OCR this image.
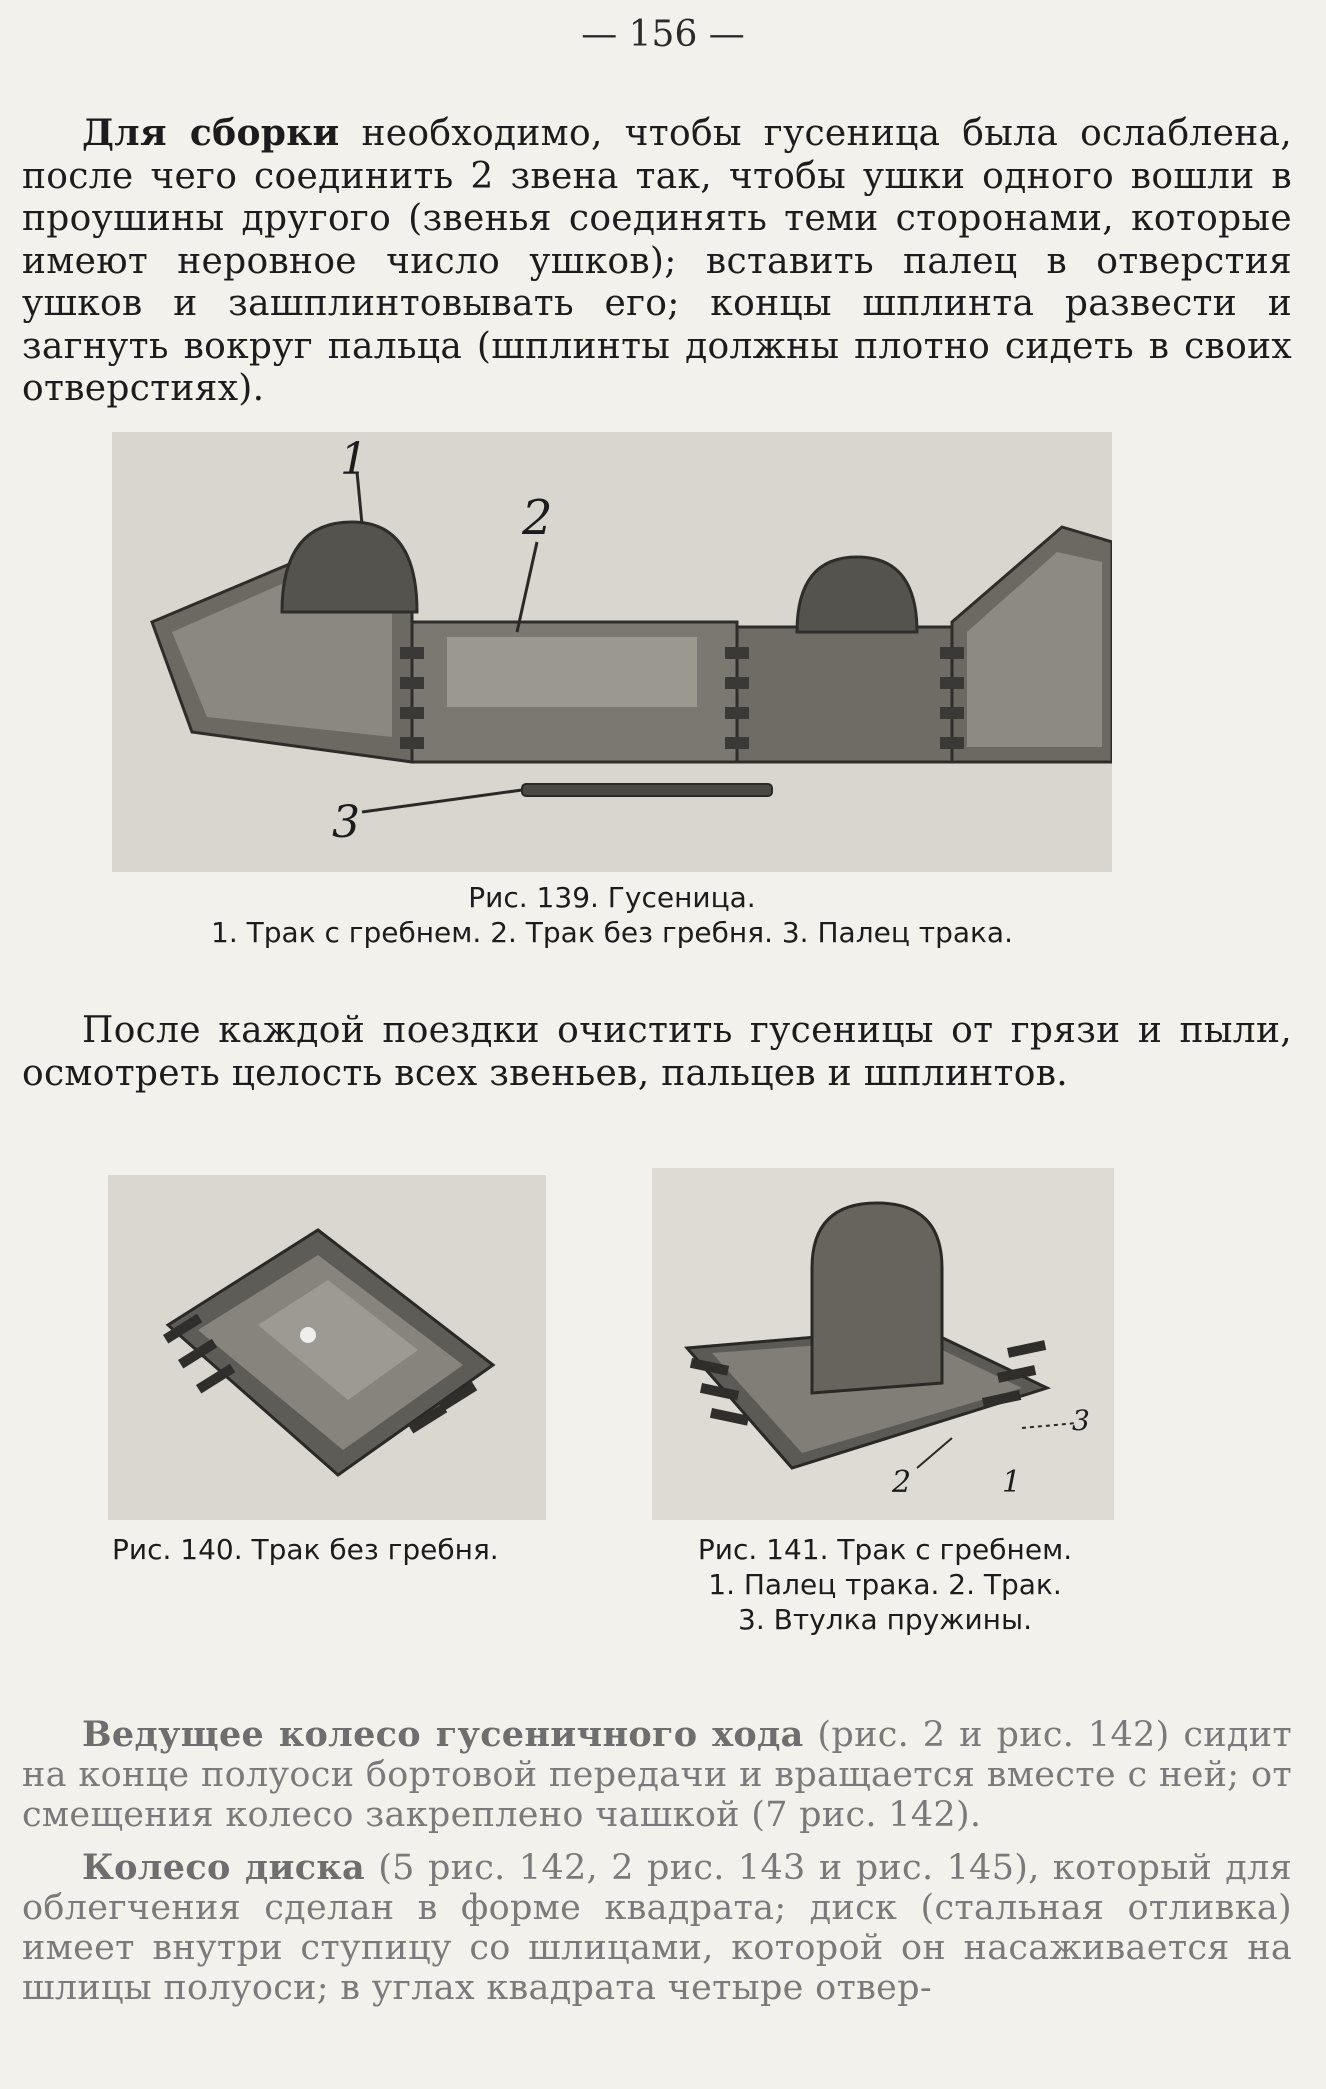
— 156 —
Для сборки необходимо, чтобы гусеница была ослаблена, после чего соединить 2 звена так, чтобы ушки одного вошли в проушины другого (звенья соединять теми сторонами, которые имеют неровное число ушков); вставить палец в отверстия ушков и зашплинтовывать его; концы шплинта развести и загнуть вокруг пальца (шплинты должны плотно сидеть в своих отверстиях).
1
2
3
Рис. 139. Гусеница.
1. Трак с гребнем. 2. Трак без гребня. 3. Палец трака.
После каждой поездки очистить гусеницы от грязи и пыли, осмотреть целость всех звеньев, пальцев и шплинтов.
Рис. 140. Трак без гребня.
2	1
3
Рис. 141. Трак с гребнем.
1. Палец трака. 2. Трак.
3. Втулка пружины.
Ведущее колесо гусеничного хода (рис. 2 и рис. 142) сидит на конце полуоси бортовой передачи и вращается вместе с ней; от смещения колесо закреплено чашкой (7 рис. 142).
Колесо диска (5 рис. 142, 2 рис. 143 и рис. 145), который для облегчения сделан в форме квадрата; диск (стальная отливка) имеет внутри ступицу со шлицами, которой он насаживается на шлицы полуоси; в углах квадрата четыре отвер-
